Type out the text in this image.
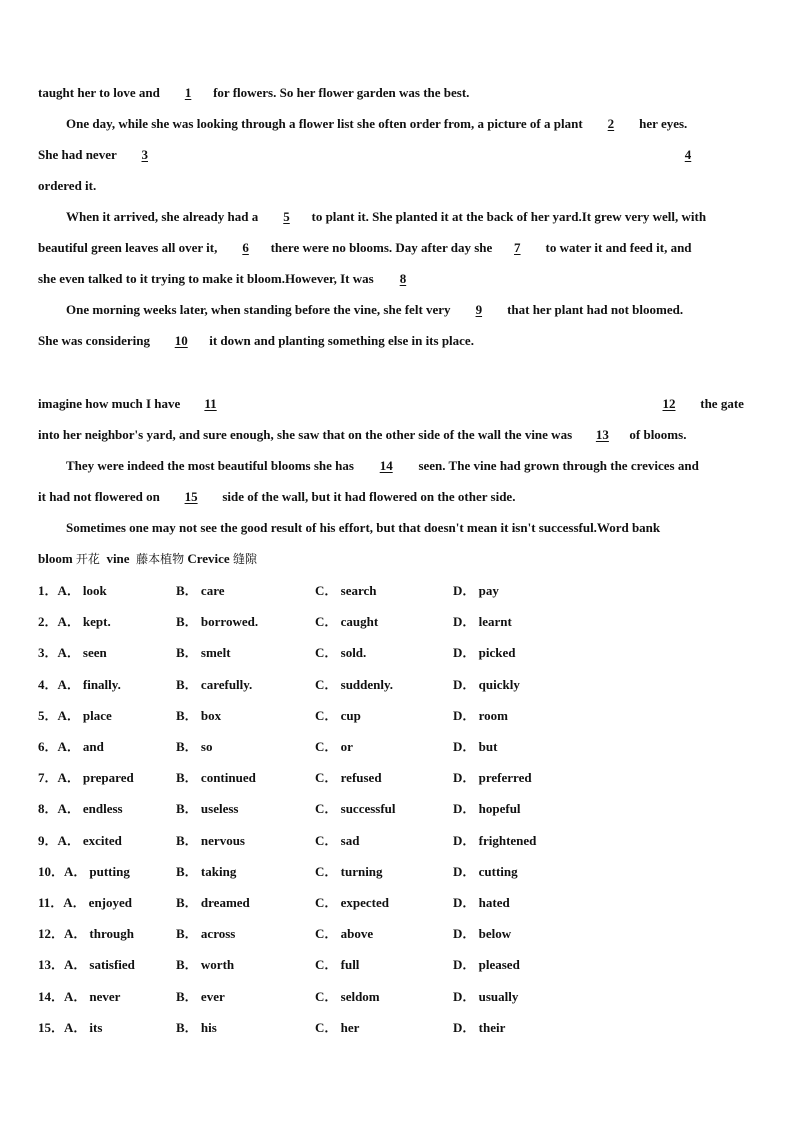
taught her to love and 1 for flowers. So her flower garden was the best.
One day, while she was looking through a flower list she often order from, a picture of a plant 2 her eyes.
She had never 3	4
ordered it.
When it arrived, she already had a 5 to plant it. She planted it at the back of her yard.It grew very well, with
beautiful green leaves all over it, 6 there were no blooms. Day after day she 7 to water it and feed it, and
she even talked to it trying to make it bloom.However, It was 8
One morning weeks later, when standing before the vine, she felt very 9 that her plant had not bloomed.
She was considering 10 it down and planting something else in its place.
imagine how much I have 11	12 the gate
into her neighbor's yard, and sure enough, she saw that on the other side of the wall the vine was 13 of blooms.
They were indeed the most beautiful blooms she has 14 seen. The vine had grown through the crevices and
it had not flowered on 15 side of the wall, but it had flowered on the other side.
Sometimes one may not see the good result of his effort, but that doesn't mean it isn't successful.Word bank
bloom 开花 vine 藤本植物 Crevice 缝隙
1．A． look	B． care	C． search	D． pay
2．A． kept.	B． borrowed.	C． caught	D． learnt
3．A． seen	B． smelt	C． sold.	D． picked
4．A． finally.	B． carefully.	C． suddenly.	D． quickly
5．A． place	B． box	C． cup	D． room
6．A． and	B． so	C． or	D． but
7．A． prepared	B． continued	C． refused	D． preferred
8．A． endless	B． useless	C． successful	D． hopeful
9．A． excited	B． nervous	C． sad	D． frightened
10．A． putting	B． taking	C． turning	D． cutting
11．A． enjoyed	B． dreamed	C． expected	D． hated
12．A． through	B． across	C． above	D． below
13．A． satisfied	B． worth	C． full	D． pleased
14．A． never	B． ever	C． seldom	D． usually
15．A． its	B． his	C． her	D． their
